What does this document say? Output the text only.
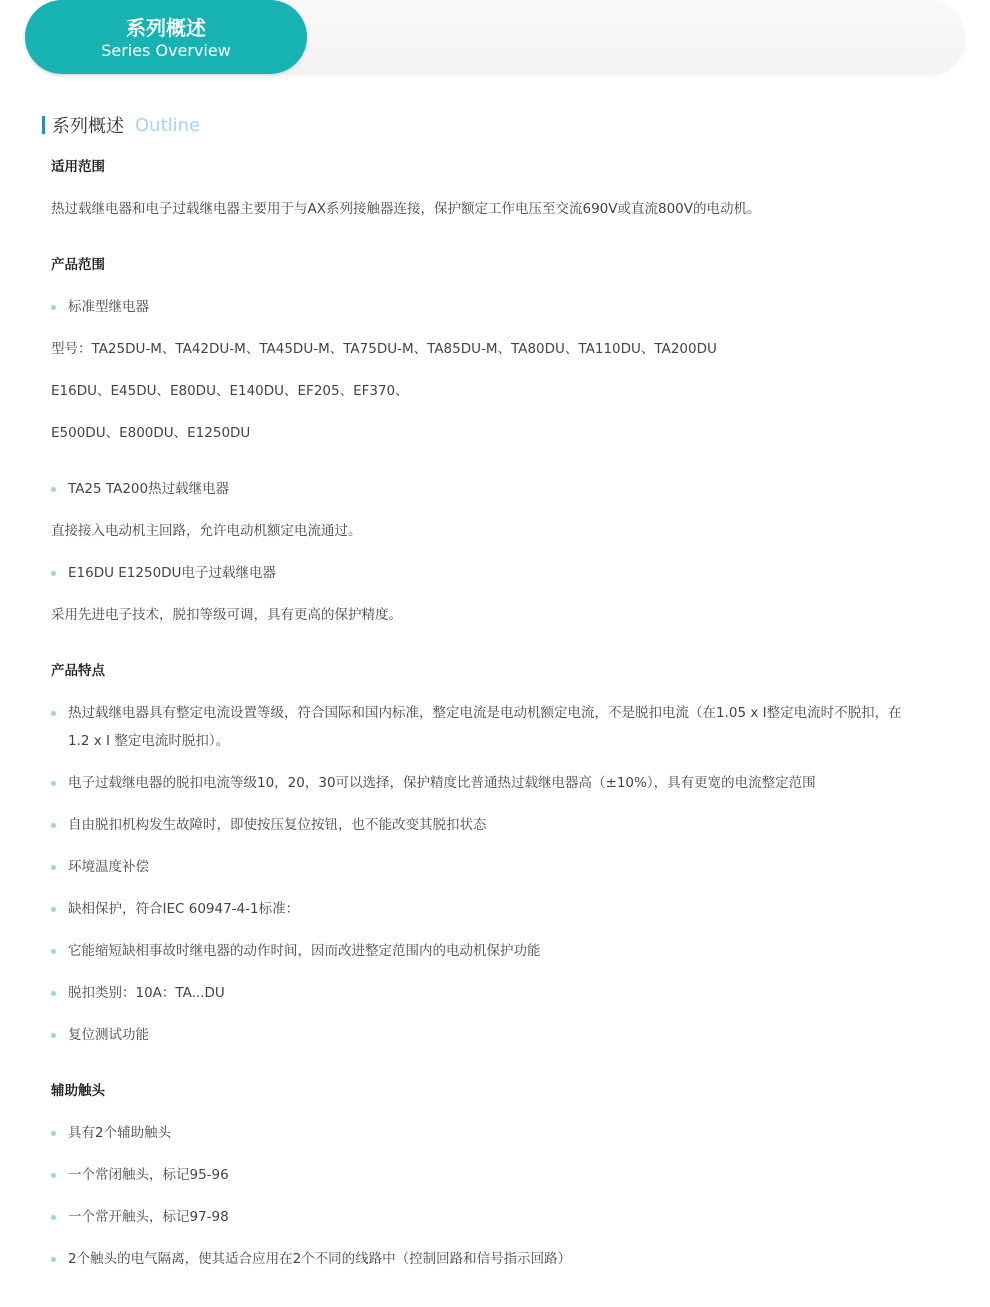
系列概述
Series Overview
系列概述 Outline
适用范围
热过载继电器和电子过载继电器主要用于与AX系列接触器连接，保护额定工作电压至交流690V或直流800V的电动机。
产品范围
标准型继电器
型号：TA25DU-M、TA42DU-M、TA45DU-M、TA75DU-M、TA85DU-M、TA80DU、TA110DU、TA200DU
E16DU、E45DU、E80DU、E140DU、EF205、EF370、
E500DU、E800DU、E1250DU
TA25 TA200热过载继电器
直接接入电动机主回路，允许电动机额定电流通过。
E16DU E1250DU电子过载继电器
采用先进电子技术，脱扣等级可调，具有更高的保护精度。
产品特点
热过载继电器具有整定电流设置等级，符合国际和国内标准，整定电流是电动机额定电流，不是脱扣电流（在1.05 x I整定电流时不脱扣，在1.2 x I 整定电流时脱扣）。
电子过载继电器的脱扣电流等级10，20，30可以选择，保护精度比普通热过载继电器高（±10%），具有更宽的电流整定范围
自由脱扣机构发生故障时，即使按压复位按钮，也不能改变其脱扣状态
环境温度补偿
缺相保护，符合IEC 60947-4-1标准：
它能缩短缺相事故时继电器的动作时间，因而改进整定范围内的电动机保护功能
脱扣类别：10A：TA...DU
复位测试功能
辅助触头
具有2个辅助触头
一个常闭触头，标记95-96
一个常开触头，标记97-98
2个触头的电气隔离，使其适合应用在2个不同的线路中（控制回路和信号指示回路）
